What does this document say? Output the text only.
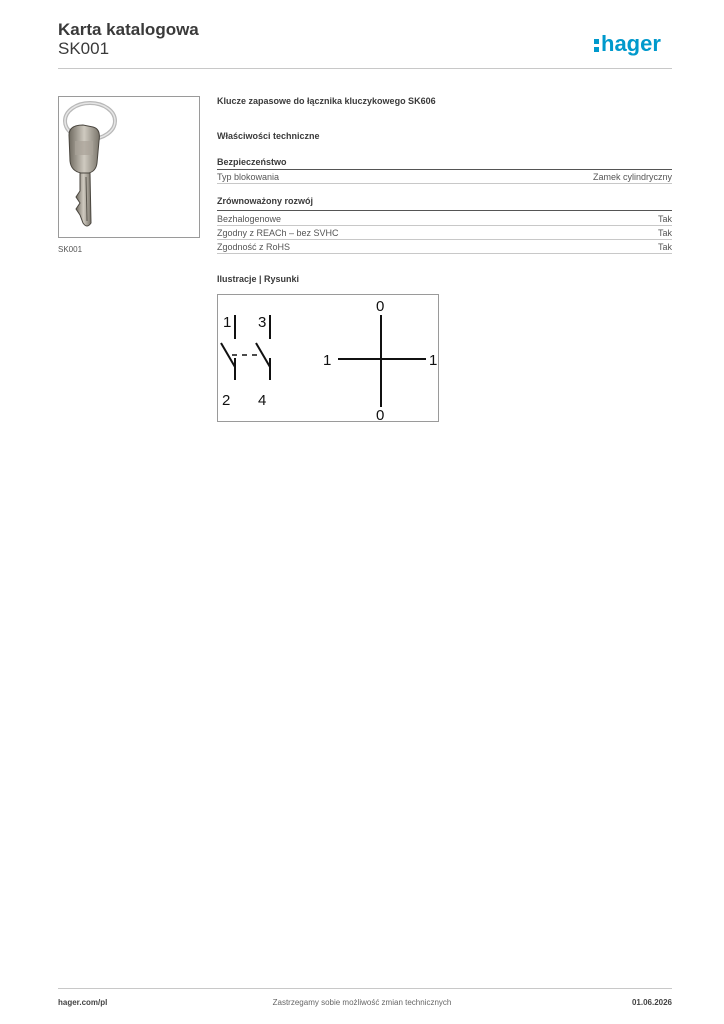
Karta katalogowa
SK001	hager
SK001
Klucze zapasowe do łącznika kluczykowego SK606
Właściwości techniczne
Bezpieczeństwo
Typ blokowania	Zamek cylindryczny
Zrównoważony rozwój
Bezhalogenowe	Tak
Zgodny z REACh – bez SVHC	Tak
Zgodność z RoHS	Tak
Ilustracje | Rysunki
1 3
2 4
0
1	1
0
hager.com/pl	Zastrzegamy sobie możliwość zmian technicznych	01.06.2026
